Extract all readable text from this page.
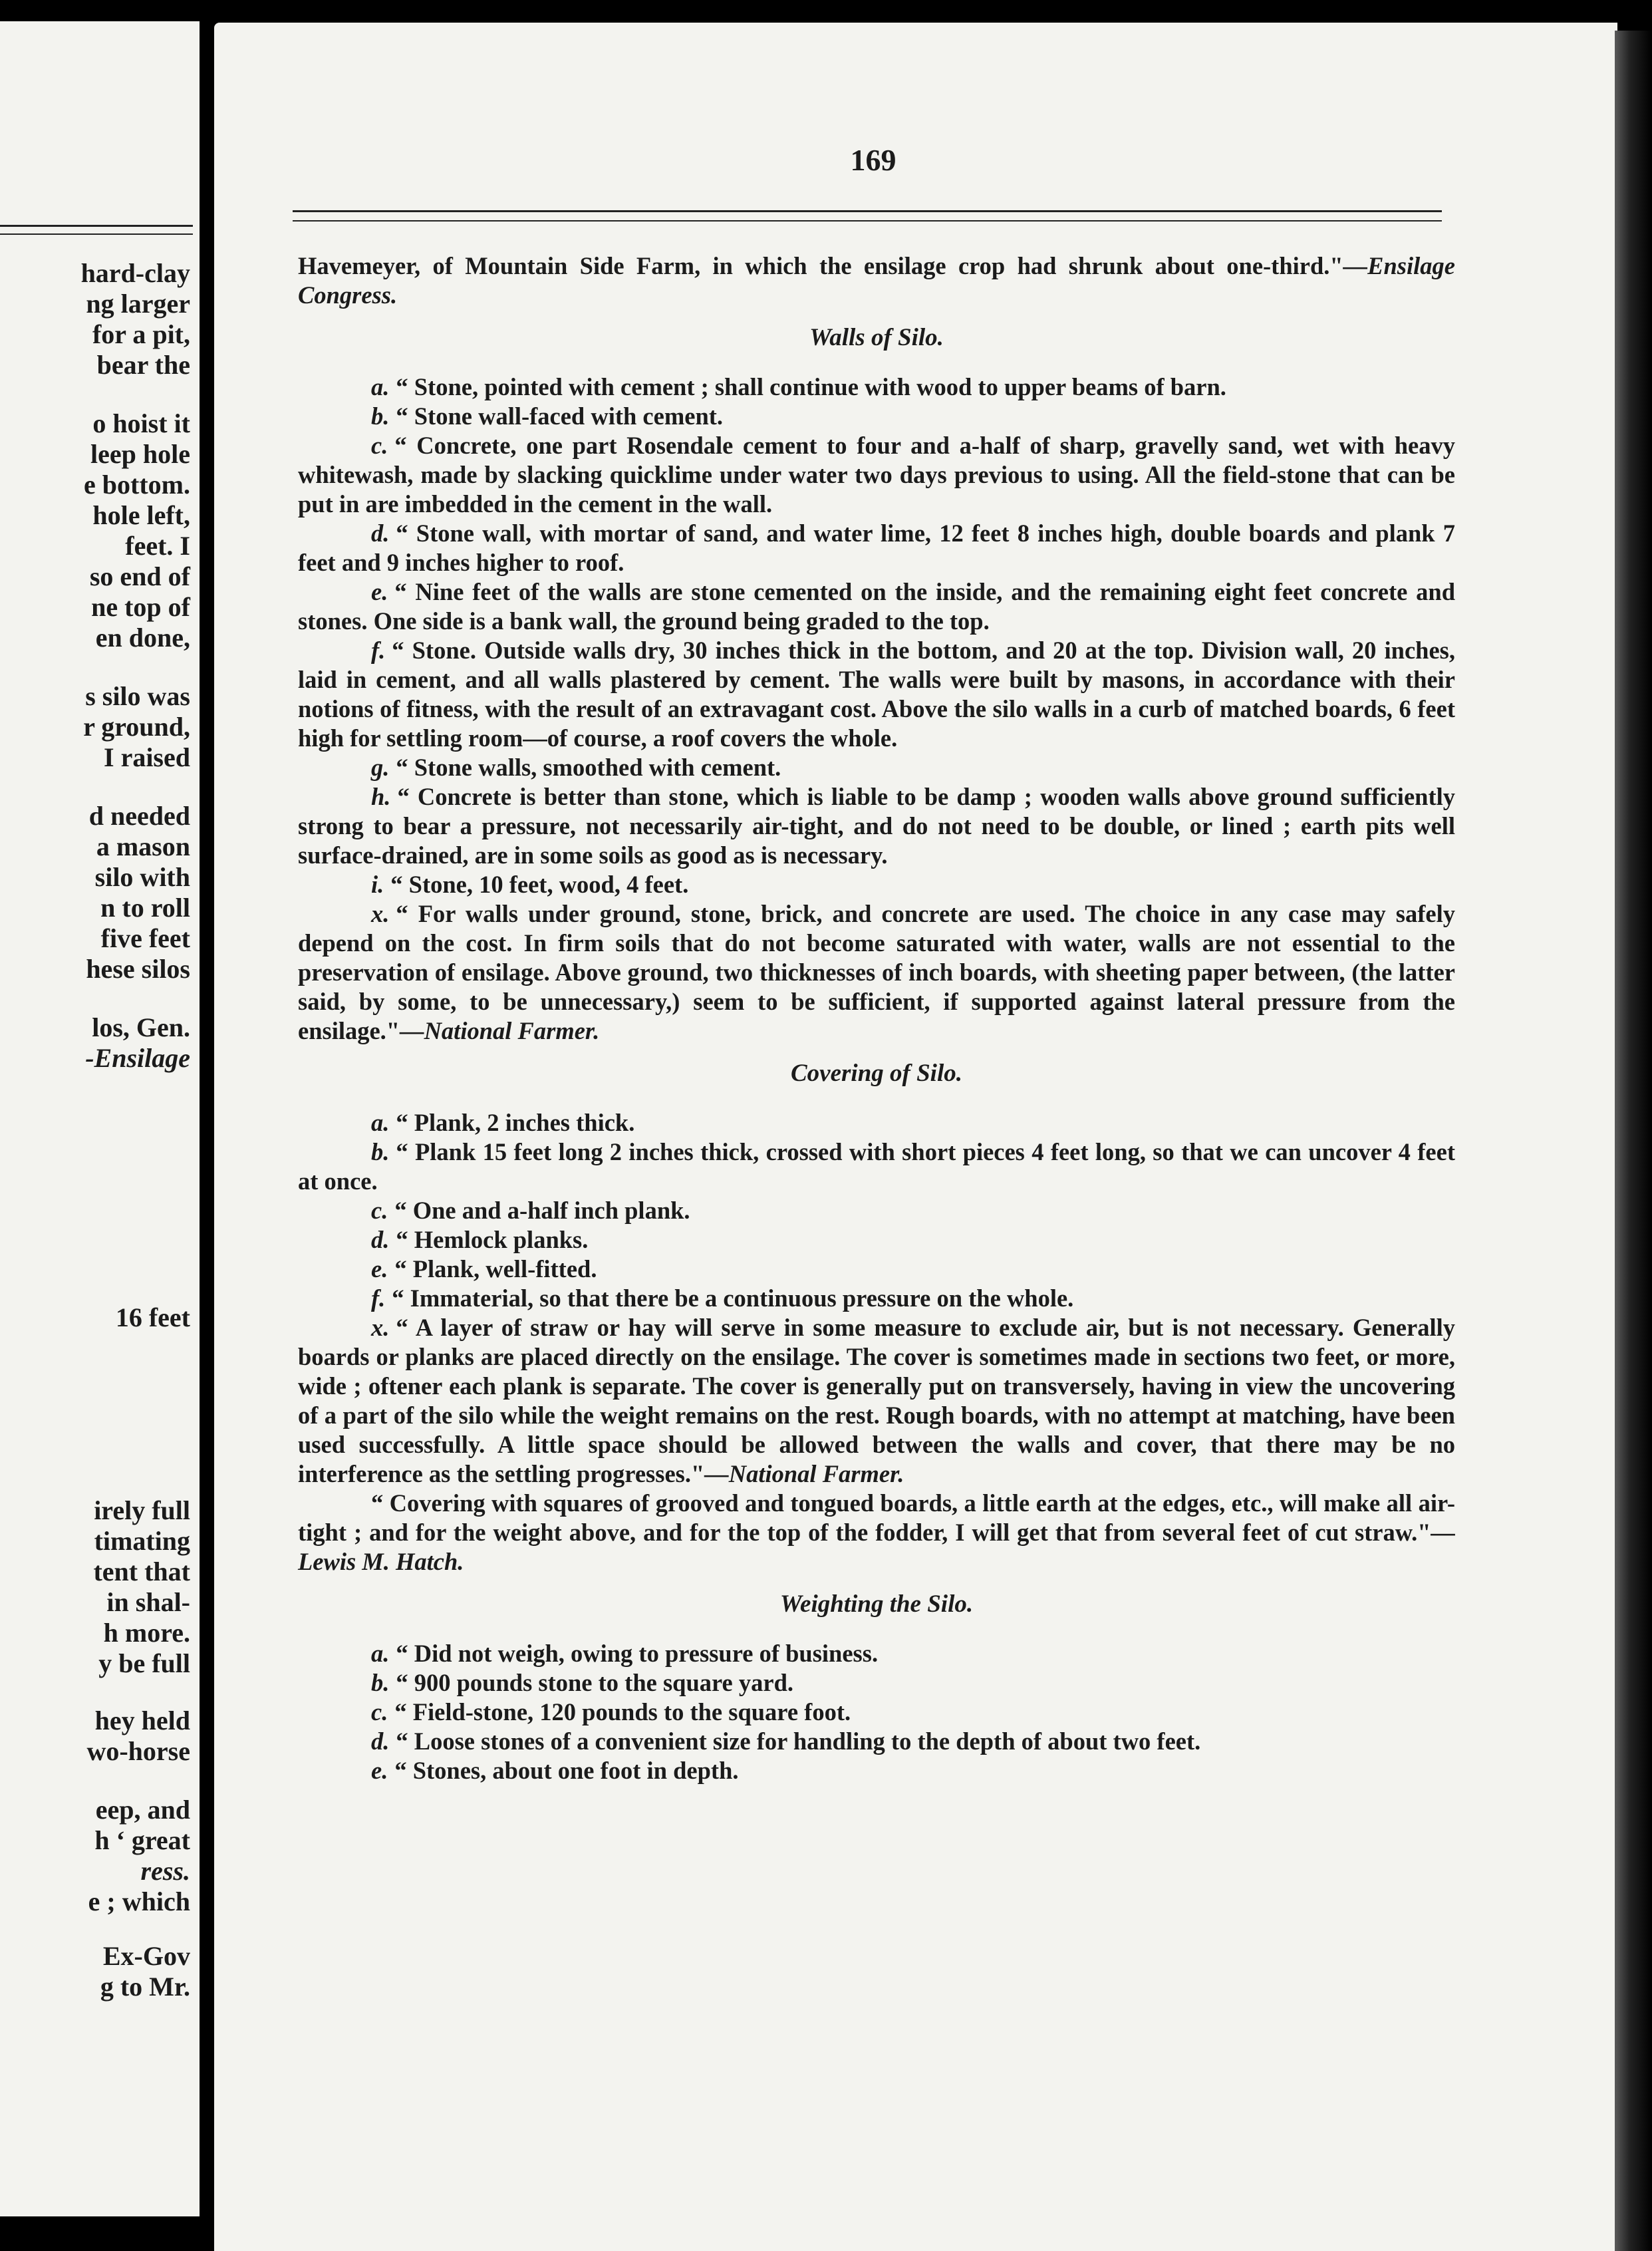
hard-clay
ng larger
for a pit,
bear the
o hoist it
leep hole
e bottom.
hole left,
feet. I
so end of
ne top of
en done,
s silo was
r ground,
I raised
d needed
a mason
silo with
n to roll
five feet
hese silos
los, Gen.
-Ensilage
16 feet
irely full
timating
tent that
in shal-
h more.
y be full
hey held
wo-horse
eep, and
h ‘ great
ress.
e ; which
Ex-Gov
g to Mr.
169

Havemeyer, of Mountain Side Farm, in which the ensilage crop had shrunk about one-third."—Ensilage Congress.

Walls of Silo.

a. “ Stone, pointed with cement ; shall continue with wood to upper beams of barn.

b. “ Stone wall-faced with cement.

c. “ Concrete, one part Rosendale cement to four and a-half of sharp, gravelly sand, wet with heavy whitewash, made by slacking quicklime under water two days previous to using. All the field-stone that can be put in are imbedded in the cement in the wall.

d. “ Stone wall, with mortar of sand, and water lime, 12 feet 8 inches high, double boards and plank 7 feet and 9 inches higher to roof.

e. “ Nine feet of the walls are stone cemented on the inside, and the remaining eight feet concrete and stones. One side is a bank wall, the ground being graded to the top.

f. “ Stone. Outside walls dry, 30 inches thick in the bottom, and 20 at the top. Division wall, 20 inches, laid in cement, and all walls plastered by cement. The walls were built by masons, in accordance with their notions of fitness, with the result of an extravagant cost. Above the silo walls in a curb of matched boards, 6 feet high for settling room—of course, a roof covers the whole.

g. “ Stone walls, smoothed with cement.

h. “ Concrete is better than stone, which is liable to be damp ; wooden walls above ground sufficiently strong to bear a pressure, not necessarily air-tight, and do not need to be double, or lined ; earth pits well surface-drained, are in some soils as good as is necessary.

i. “ Stone, 10 feet, wood, 4 feet.

x. “ For walls under ground, stone, brick, and concrete are used. The choice in any case may safely depend on the cost. In firm soils that do not become saturated with water, walls are not essential to the preservation of ensilage. Above ground, two thicknesses of inch boards, with sheeting paper between, (the latter said, by some, to be unnecessary,) seem to be sufficient, if supported against lateral pressure from the ensilage."—National Farmer.

Covering of Silo.

a. “ Plank, 2 inches thick.

b. “ Plank 15 feet long 2 inches thick, crossed with short pieces 4 feet long, so that we can uncover 4 feet at once.

c. “ One and a-half inch plank.

d. “ Hemlock planks.

e. “ Plank, well-fitted.

f. “ Immaterial, so that there be a continuous pressure on the whole.

x. “ A layer of straw or hay will serve in some measure to exclude air, but is not necessary. Generally boards or planks are placed directly on the ensilage. The cover is sometimes made in sections two feet, or more, wide ; oftener each plank is separate. The cover is generally put on transversely, having in view the uncovering of a part of the silo while the weight remains on the rest. Rough boards, with no attempt at matching, have been used successfully. A little space should be allowed between the walls and cover, that there may be no interference as the settling progresses."—National Farmer.

“ Covering with squares of grooved and tongued boards, a little earth at the edges, etc., will make all air-tight ; and for the weight above, and for the top of the fodder, I will get that from several feet of cut straw."—Lewis M. Hatch.

Weighting the Silo.

a. “ Did not weigh, owing to pressure of business.

b. “ 900 pounds stone to the square yard.

c. “ Field-stone, 120 pounds to the square foot.

d. “ Loose stones of a convenient size for handling to the depth of about two feet.

e. “ Stones, about one foot in depth.
